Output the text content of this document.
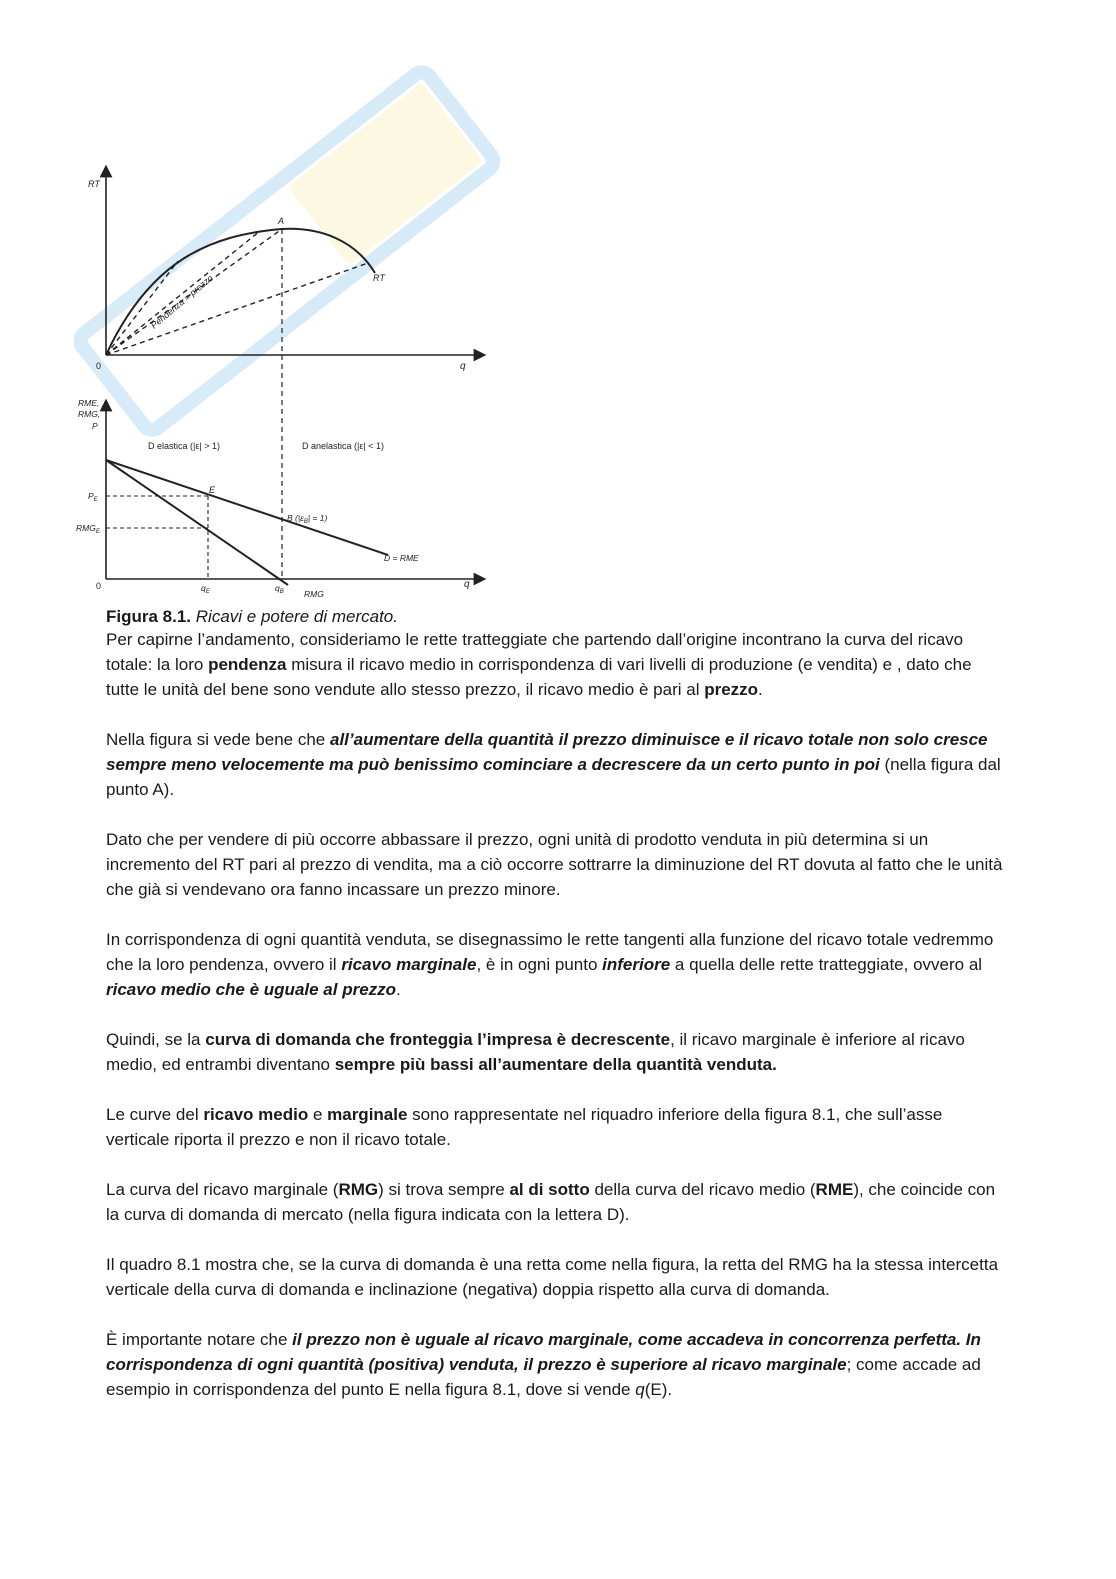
RT
0	q
RT
Pendenza = prezzo
A
RME,
RMG,
P
0	q
D elastica (|ε| > 1)	D anelastica (|ε| < 1)
D = RME
RMG
E
$P_E$
$RMG_E$
$q_E$	$q_B$
B $(|\varepsilon_B| = 1)$

Figura 8.1. Ricavi e potere di mercato.

Per capirne l’andamento, consideriamo le rette tratteggiate che partendo dall’origine incontrano la curva del ricavo totale: la loro pendenza misura il ricavo medio in corrispondenza di vari livelli di produzione (e vendita) e , dato che tutte le unità del bene sono vendute allo stesso prezzo, il ricavo medio è pari al prezzo.

Nella figura si vede bene che all’aumentare della quantità il prezzo diminuisce e il ricavo totale non solo cresce sempre meno velocemente ma può benissimo cominciare a decrescere da un certo punto in poi (nella figura dal punto A).

Dato che per vendere di più occorre abbassare il prezzo, ogni unità di prodotto venduta in più determina si un incremento del RT pari al prezzo di vendita, ma a ciò occorre sottrarre la diminuzione del RT dovuta al fatto che le unità che già si vendevano ora fanno incassare un prezzo minore.

In corrispondenza di ogni quantità venduta, se disegnassimo le rette tangenti alla funzione del ricavo totale vedremmo che la loro pendenza, ovvero il ricavo marginale, è in ogni punto inferiore a quella delle rette tratteggiate, ovvero al ricavo medio che è uguale al prezzo.

Quindi, se la curva di domanda che fronteggia l’impresa è decrescente, il ricavo marginale è inferiore al ricavo medio, ed entrambi diventano sempre più bassi all’aumentare della quantità venduta.

Le curve del ricavo medio e marginale sono rappresentate nel riquadro inferiore della figura 8.1, che sull’asse verticale riporta il prezzo e non il ricavo totale.

La curva del ricavo marginale (RMG) si trova sempre al di sotto della curva del ricavo medio (RME), che coincide con la curva di domanda di mercato (nella figura indicata con la lettera D).

Il quadro 8.1 mostra che, se la curva di domanda è una retta come nella figura, la retta del RMG ha la stessa intercetta verticale della curva di domanda e inclinazione (negativa) doppia rispetto alla curva di domanda.

È importante notare che il prezzo non è uguale al ricavo marginale, come accadeva in concorrenza perfetta. In corrispondenza di ogni quantità (positiva) venduta, il prezzo è superiore al ricavo marginale; come accade ad esempio in corrispondenza del punto E nella figura 8.1, dove si vende q(E).
